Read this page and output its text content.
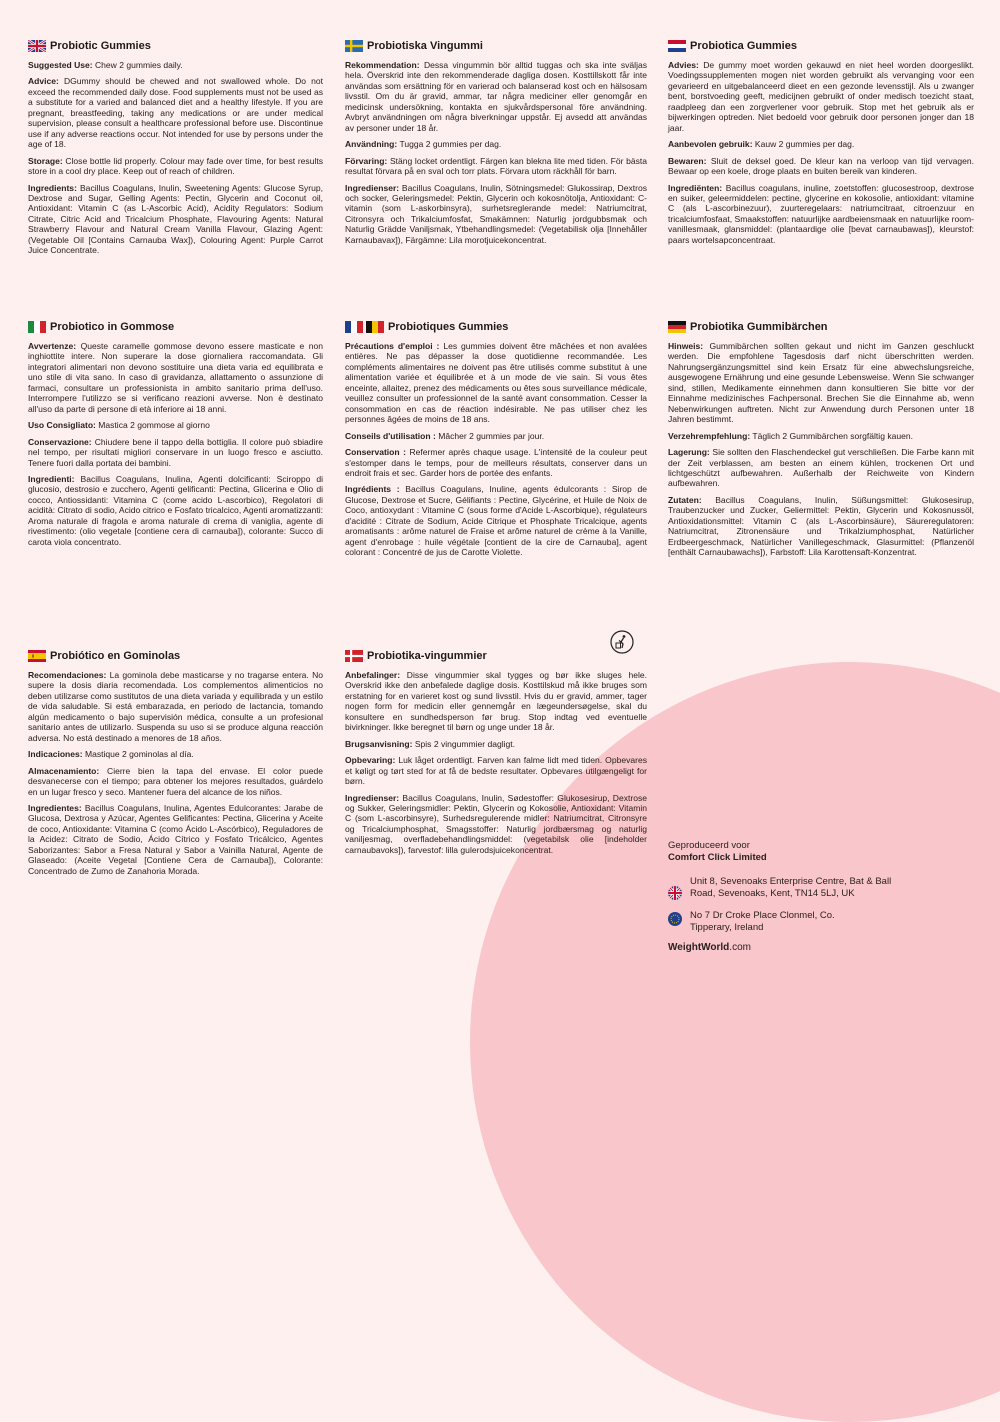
Probiotic Gummies

Suggested Use: Chew 2 gummies daily.

Advice: DGummy should be chewed and not swallowed whole. Do not exceed the recommended daily dose. Food supplements must not be used as a substitute for a varied and balanced diet and a healthy lifestyle. If you are pregnant, breastfeeding, taking any medications or are under medical supervision, please consult a healthcare professional before use. Discontinue use if any adverse reactions occur. Not intended for use by persons under the age of 18.

Storage: Close bottle lid properly. Colour may fade over time, for best results store in a cool dry place. Keep out of reach of children.

Ingredients: Bacillus Coagulans, Inulin, Sweetening Agents: Glucose Syrup, Dextrose and Sugar, Gelling Agents: Pectin, Glycerin and Coconut oil, Antioxidant: Vitamin C (as L-Ascorbic Acid), Acidity Regulators: Sodium Citrate, Citric Acid and Tricalcium Phosphate, Flavouring Agents: Natural Strawberry Flavour and Natural Cream Vanilla Flavour, Glazing Agent: (Vegetable Oil [Contains Carnauba Wax]), Colouring Agent: Purple Carrot Juice Concentrate.

Probiotiska Vingummi

Rekommendation: Dessa vingummin bör alltid tuggas och ska inte sväljas hela. Överskrid inte den rekommenderade dagliga dosen. Kosttillskott får inte användas som ersättning för en varierad och balanserad kost och en hälsosam livsstil. Om du är gravid, ammar, tar några mediciner eller genomgår en medicinsk undersökning, kontakta en sjukvårdspersonal före användning. Avbryt användningen om några biverkningar uppstår. Ej avsedd att användas av personer under 18 år.

Användning: Tugga 2 gummies per dag.

Förvaring: Stäng locket ordentligt. Färgen kan blekna lite med tiden. För bästa resultat förvara på en sval och torr plats. Förvara utom räckhåll för barn.

Ingredienser: Bacillus Coagulans, Inulin, Sötningsmedel: Glukossirap, Dextros och socker, Geleringsmedel: Pektin, Glycerin och kokosnötolja, Antioxidant: C-vitamin (som L-askorbinsyra), surhetsreglerande medel: Natriumcitrat, Citronsyra och Trikalciumfosfat, Smakämnen: Naturlig jordgubbsmak och Naturlig Grädde Vaniljsmak, Ytbehandlingsmedel: (Vegetabilisk olja [Innehåller Karnaubavax]), Färgämne: Lila morotjuicekoncentrat.

Probiotica Gummies

Advies: De gummy moet worden gekauwd en niet heel worden doorgeslikt. Voedingssupplementen mogen niet worden gebruikt als vervanging voor een gevarieerd en uitgebalanceerd dieet en een gezonde levensstijl. Als u zwanger bent, borstvoeding geeft, medicijnen gebruikt of onder medisch toezicht staat, raadpleeg dan een zorgverlener voor gebruik. Stop met het gebruik als er bijwerkingen optreden. Niet bedoeld voor gebruik door personen jonger dan 18 jaar.

Aanbevolen gebruik: Kauw 2 gummies per dag.

Bewaren: Sluit de deksel goed. De kleur kan na verloop van tijd vervagen. Bewaar op een koele, droge plaats en buiten bereik van kinderen.

Ingrediënten: Bacillus coagulans, inuline, zoetstoffen: glucosestroop, dextrose en suiker, geleermiddelen: pectine, glycerine en kokosolie, antioxidant: vitamine C (als L-ascorbinezuur), zuurteregelaars: natriumcitraat, citroenzuur en tricalciumfosfaat, Smaakstoffen: natuurlijke aardbeiensmaak en natuurlijke room-vanillesmaak, glansmiddel: (plantaardige olie [bevat carnaubawas]), kleurstof: paars wortelsapconcentraat.

Probiotico in Gommose

Avvertenze: Queste caramelle gommose devono essere masticate e non inghiottite intere. Non superare la dose giornaliera raccomandata. Gli integratori alimentari non devono sostituire una dieta varia ed equilibrata e uno stile di vita sano. In caso di gravidanza, allattamento o assunzione di farmaci, consultare un professionista in ambito sanitario prima dell'uso. Interrompere l'utilizzo se si verificano reazioni avverse. Non è destinato all'uso da parte di persone di età inferiore ai 18 anni.

Uso Consigliato: Mastica 2 gommose al giorno

Conservazione: Chiudere bene il tappo della bottiglia. Il colore può sbiadire nel tempo, per risultati migliori conservare in un luogo fresco e asciutto. Tenere fuori dalla portata dei bambini.

Ingredienti: Bacillus Coagulans, Inulina, Agenti dolcificanti: Sciroppo di glucosio, destrosio e zucchero, Agenti gelificanti: Pectina, Glicerina e Olio di cocco, Antiossidanti: Vitamina C (come acido L-ascorbico), Regolatori di acidità: Citrato di sodio, Acido citrico e Fosfato tricalcico, Agenti aromatizzanti: Aroma naturale di fragola e aroma naturale di crema di vaniglia, agente di rivestimento: (olio vegetale [contiene cera di carnauba]), colorante: Succo di carota viola concentrato.

Probiotiques Gummies

Précautions d'emploi : Les gummies doivent être mâchées et non avalées entières. Ne pas dépasser la dose quotidienne recommandée. Les compléments alimentaires ne doivent pas être utilisés comme substitut à une alimentation variée et équilibrée et à un mode de vie sain. Si vous êtes enceinte, allaitez, prenez des médicaments ou êtes sous surveillance médicale, veuillez consulter un professionnel de la santé avant consommation. Cesser la consommation en cas de réaction indésirable. Ne pas utiliser chez les personnes âgées de moins de 18 ans.

Conseils d'utilisation : Mâcher 2 gummies par jour.

Conservation : Refermer après chaque usage. L'intensité de la couleur peut s'estomper dans le temps, pour de meilleurs résultats, conserver dans un endroit frais et sec. Garder hors de portée des enfants.

Ingrédients : Bacillus Coagulans, Inuline, agents édulcorants : Sirop de Glucose, Dextrose et Sucre, Gélifiants : Pectine, Glycérine, et Huile de Noix de Coco, antioxydant : Vitamine C (sous forme d'Acide L-Ascorbique), régulateurs d'acidité : Citrate de Sodium, Acide Citrique et Phosphate Tricalcique, agents aromatisants : arôme naturel de Fraise et arôme naturel de crème à la Vanille, agent d'enrobage : huile végétale [contient de la cire de Carnauba], agent colorant : Concentré de jus de Carotte Violette.

Probiotika Gummibärchen

Hinweis: Gummibärchen sollten gekaut und nicht im Ganzen geschluckt werden. Die empfohlene Tagesdosis darf nicht überschritten werden. Nahrungsergänzungsmittel sind kein Ersatz für eine abwechslungsreiche, ausgewogene Ernährung und eine gesunde Lebensweise. Wenn Sie schwanger sind, stillen, Medikamente einnehmen dann konsultieren Sie bitte vor der Einnahme medizinisches Fachpersonal. Brechen Sie die Einnahme ab, wenn Nebenwirkungen auftreten. Nicht zur Anwendung durch Personen unter 18 Jahren bestimmt.

Verzehrempfehlung: Täglich 2 Gummibärchen sorgfältig kauen.

Lagerung: Sie sollten den Flaschendeckel gut verschließen. Die Farbe kann mit der Zeit verblassen, am besten an einem kühlen, trockenen Ort und lichtgeschützt aufbewahren. Außerhalb der Reichweite von Kindern aufbewahren.

Zutaten: Bacillus Coagulans, Inulin, Süßungsmittel: Glukosesirup, Traubenzucker und Zucker, Geliermittel: Pektin, Glycerin und Kokosnussöl, Antioxidationsmittel: Vitamin C (als L-Ascorbinsäure), Säureregulatoren: Natriumcitrat, Zitronensäure und Trikalziumphosphat, Natürlicher Erdbeergeschmack, Natürlicher Vanillegeschmack, Glasurmittel: (Pflanzenöl [enthält Carnaubawachs]), Farbstoff: Lila Karottensaft-Konzentrat.

Probiótico en Gominolas

Recomendaciones: La gominola debe masticarse y no tragarse entera. No supere la dosis diaria recomendada. Los complementos alimenticios no deben utilizarse como sustitutos de una dieta variada y equilibrada y un estilo de vida saludable. Si está embarazada, en periodo de lactancia, tomando algún medicamento o bajo supervisión médica, consulte a un profesional sanitario antes de utilizarlo. Suspenda su uso si se produce alguna reacción adversa. No está destinado a menores de 18 años.

Indicaciones: Mastique 2 gominolas al día.

Almacenamiento: Cierre bien la tapa del envase. El color puede desvanecerse con el tiempo; para obtener los mejores resultados, guárdelo en un lugar fresco y seco. Mantener fuera del alcance de los niños.

Ingredientes: Bacillus Coagulans, Inulina, Agentes Edulcorantes: Jarabe de Glucosa, Dextrosa y Azúcar, Agentes Gelificantes: Pectina, Glicerina y Aceite de coco, Antioxidante: Vitamina C (como Ácido L-Ascórbico), Reguladores de la Acidez: Citrato de Sodio, Ácido Cítrico y Fosfato Tricálcico, Agentes Saborizantes: Sabor a Fresa Natural y Sabor a Vainilla Natural, Agente de Glaseado: (Aceite Vegetal [Contiene Cera de Carnauba]), Colorante: Concentrado de Zumo de Zanahoria Morada.

Probiotika-vingummier

Anbefalinger: Disse vingummier skal tygges og bør ikke sluges hele. Overskrid ikke den anbefalede daglige dosis. Kosttilskud må ikke bruges som erstatning for en varieret kost og sund livsstil. Hvis du er gravid, ammer, tager nogen form for medicin eller gennemgår en lægeundersøgelse, skal du konsultere en sundhedsperson før brug. Stop indtag ved eventuelle bivirkninger. Ikke beregnet til børn og unge under 18 år.

Brugsanvisning: Spis 2 vingummier dagligt.

Opbevaring: Luk låget ordentligt. Farven kan falme lidt med tiden. Opbevares et køligt og tørt sted for at få de bedste resultater. Opbevares utilgængeligt for børn.

Ingredienser: Bacillus Coagulans, Inulin, Sødestoffer: Glukosesirup, Dextrose og Sukker, Geleringsmidler: Pektin, Glycerin og Kokosolie, Antioxidant: Vitamin C (som L-ascorbinsyre), Surhedsregulerende midler: Natriumcitrat, Citronsyre og Tricalciumphosphat, Smagsstoffer: Naturlig jordbærsmag og naturlig vaniljesmag, overfladebehandlingsmiddel: (vegetabilsk olie [indeholder carnaubavoks]), farvestof: lilla gulerodsjuicekoncentrat.	Geproduceerd voor
Comfort Click Limited
Unit 8, Sevenoaks Enterprise Centre, Bat & Ball Road, Sevenoaks, Kent, TN14 5LJ, UK
No 7 Dr Croke Place Clonmel, Co. Tipperary, Ireland
WeightWorld.com
